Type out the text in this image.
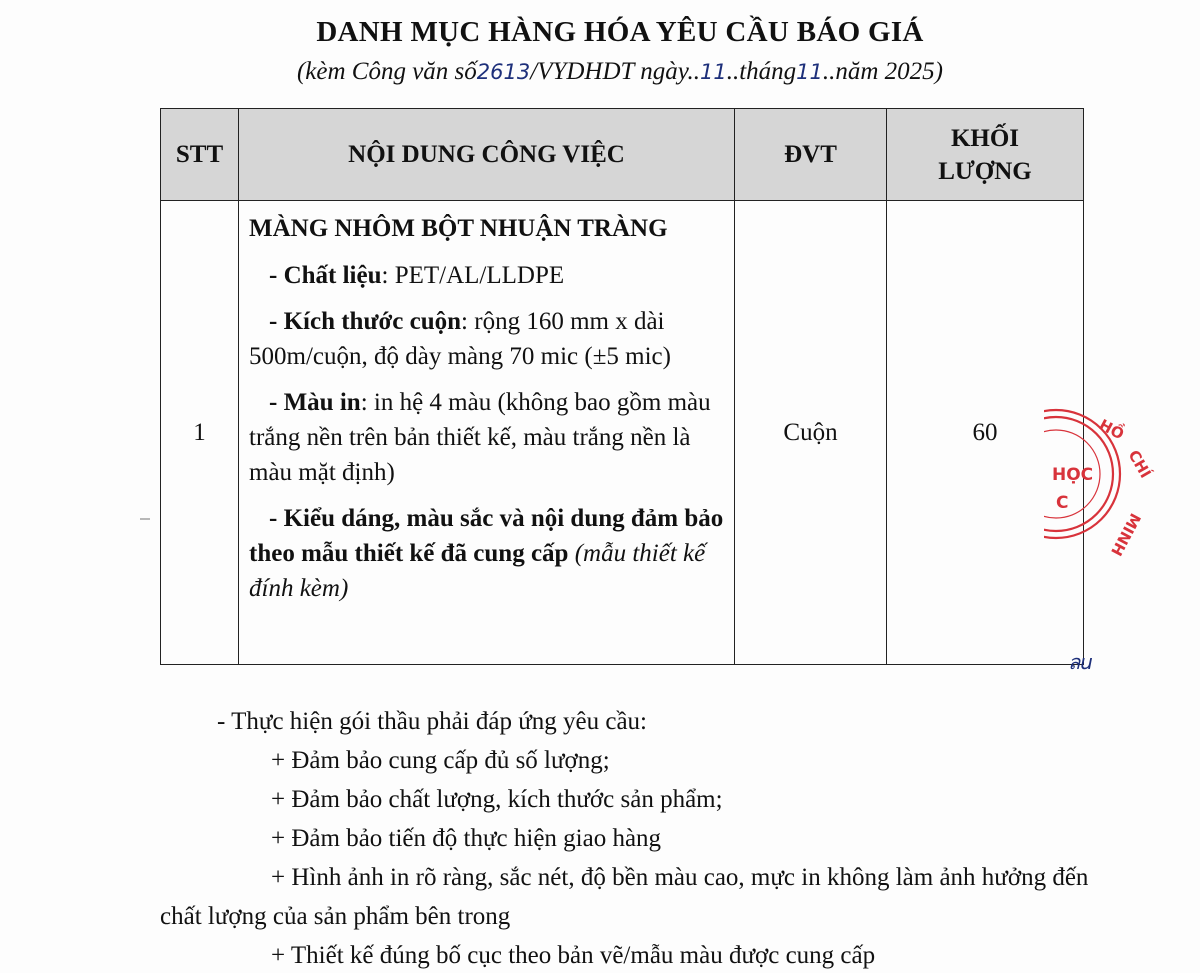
DANH MỤC HÀNG HÓA YÊU CẦU BÁO GIÁ
(kèm Công văn số2613/VYDHDT ngày..11..tháng11..năm 2025)
STT	NỘI DUNG CÔNG VIỆC	ĐVT	KHỐI
LƯỢNG
1	MÀNG NHÔM BỘT NHUẬN TRÀNG

- Chất liệu: PET/AL/LLDPE

- Kích thước cuộn: rộng 160 mm x dài 500m/cuộn, độ dày màng 70 mic (±5 mic)

- Màu in: in hệ 4 màu (không bao gồm màu trắng nền trên bản thiết kế, màu trắng nền là màu mặt định)

- Kiểu dáng, màu sắc và nội dung đảm bảo theo mẫu thiết kế đã cung cấp (mẫu thiết kế đính kèm)	Cuộn	60

- Thực hiện gói thầu phải đáp ứng yêu cầu:

+ Đảm bảo cung cấp đủ số lượng;

+ Đảm bảo chất lượng, kích thước sản phẩm;

+ Đảm bảo tiến độ thực hiện giao hàng

+ Hình ảnh in rõ ràng, sắc nét, độ bền màu cao, mực in không làm ảnh hưởng đến chất lượng của sản phẩm bên trong

+ Thiết kế đúng bố cục theo bản vẽ/mẫu màu được cung cấp

HỒ
CHÍ
MINH
HỌC
C
ลu
